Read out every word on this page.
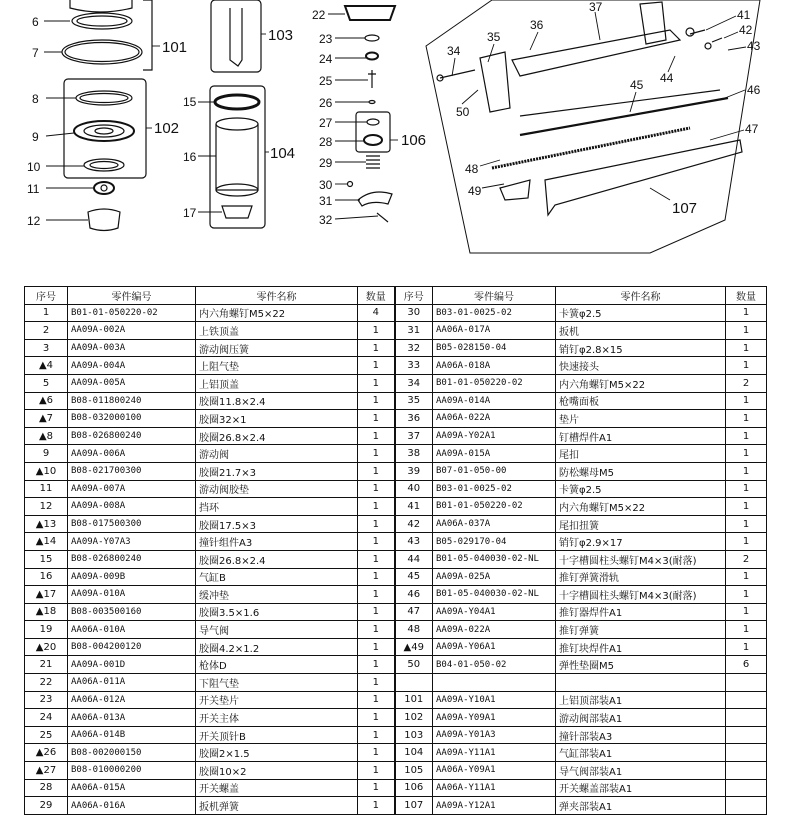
6
7
8
9
10
11
12
101
102
103
104
15
16
17
22
23
24
25
26
27
28
29
30
31
32
106
34
35
36
37
41
42
43
44
45	46
47
48
49
50
107
序号	零件编号	零件名称	数量	序号	零件编号	零件名称	数量
1	B01-01-050220-02	内六角螺钉M5×22	4	30	B03-01-0025-02	卡簧φ2.5	1
2	AA09A-002A	上铁顶盖	1	31	AA06A-017A	扳机	1
3	AA09A-003A	游动阀压簧	1	32	B05-028150-04	销钉φ2.8×15	1
▲4	AA09A-004A	上阻气垫	1	33	AA06A-018A	快速接头	1
5	AA09A-005A	上铝顶盖	1	34	B01-01-050220-02	内六角螺钉M5×22	2
▲6	B08-011800240	胶圈11.8×2.4	1	35	AA09A-014A	枪嘴面板	1
▲7	B08-032000100	胶圈32×1	1	36	AA06A-022A	垫片	1
▲8	B08-026800240	胶圈26.8×2.4	1	37	AA09A-Y02A1	钉槽焊件A1	1
9	AA09A-006A	游动阀	1	38	AA09A-015A	尾扣	1
▲10	B08-021700300	胶圈21.7×3	1	39	B07-01-050-00	防松螺母M5	1
11	AA09A-007A	游动阀胶垫	1	40	B03-01-0025-02	卡簧φ2.5	1
12	AA09A-008A	挡环	1	41	B01-01-050220-02	内六角螺钉M5×22	1
▲13	B08-017500300	胶圈17.5×3	1	42	AA06A-037A	尾扣扭簧	1
▲14	AA09A-Y07A3	撞针组件A3	1	43	B05-029170-04	销钉φ2.9×17	1
15	B08-026800240	胶圈26.8×2.4	1	44	B01-05-040030-02-NL	十字槽圆柱头螺钉M4×3(耐落)	2
16	AA09A-009B	气缸B	1	45	AA09A-025A	推钉弹簧滑轨	1
▲17	AA09A-010A	缓冲垫	1	46	B01-05-040030-02-NL	十字槽圆柱头螺钉M4×3(耐落)	1
▲18	B08-003500160	胶圈3.5×1.6	1	47	AA09A-Y04A1	推钉器焊件A1	1
19	AA06A-010A	导气阀	1	48	AA09A-022A	推钉弹簧	1
▲20	B08-004200120	胶圈4.2×1.2	1	▲49	AA09A-Y06A1	推钉块焊件A1	1
21	AA09A-001D	枪体D	1	50	B04-01-050-02	弹性垫圈M5	6
22	AA06A-011A	下阻气垫	1				
23	AA06A-012A	开关垫片	1	101	AA09A-Y10A1	上铝顶部装A1	
24	AA06A-013A	开关主体	1	102	AA09A-Y09A1	游动阀部装A1	
25	AA06A-014B	开关顶针B	1	103	AA09A-Y01A3	撞针部装A3	
▲26	B08-002000150	胶圈2×1.5	1	104	AA09A-Y11A1	气缸部装A1	
▲27	B08-010000200	胶圈10×2	1	105	AA06A-Y09A1	导气阀部装A1	
28	AA06A-015A	开关螺盖	1	106	AA06A-Y11A1	开关螺盖部装A1	
29	AA06A-016A	扳机弹簧	1	107	AA09A-Y12A1	弹夹部装A1	
